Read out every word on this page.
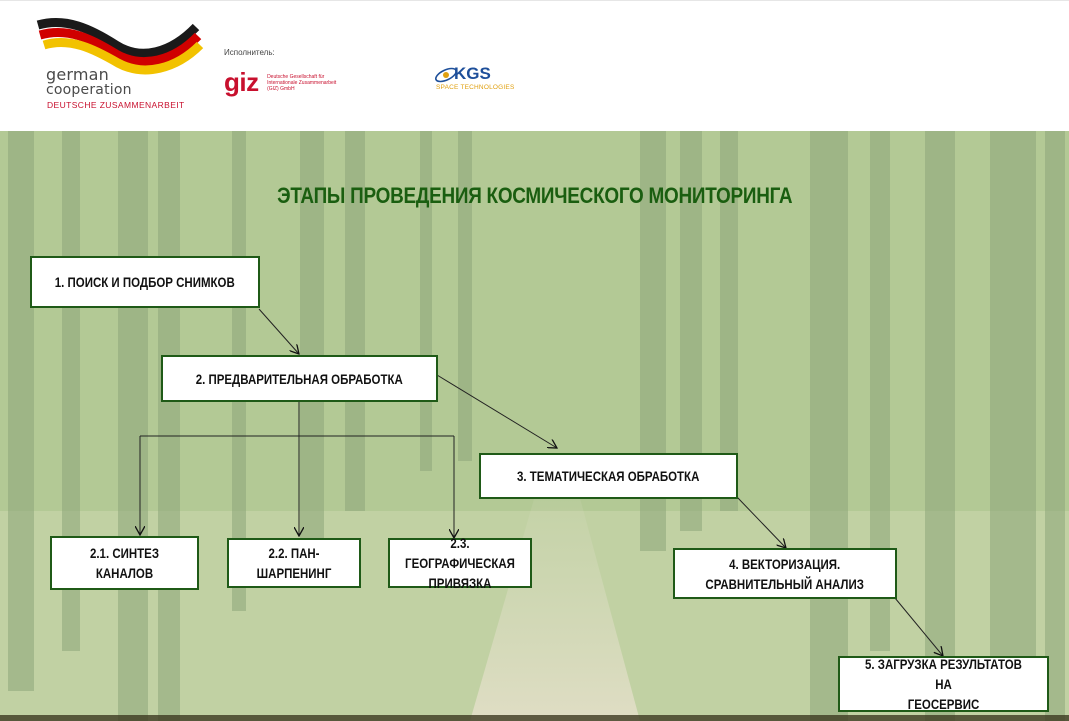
german
cooperation
DEUTSCHE ZUSAMMENARBEIT
Исполнитель:
giz Deutsche Gesellschaft für Internationale Zusammenarbeit (GIZ) GmbH
KGS
SPACE TECHNOLOGIES
ЭТАПЫ ПРОВЕДЕНИЯ КОСМИЧЕСКОГО МОНИТОРИНГА
1. ПОИСК И ПОДБОР СНИМКОВ
2. ПРЕДВАРИТЕЛЬНАЯ ОБРАБОТКА
2.1. СИНТЕЗ КАНАЛОВ
2.2. ПАН-ШАРПЕНИНГ
2.3. ГЕОГРАФИЧЕСКАЯ
ПРИВЯЗКА
3. ТЕМАТИЧЕСКАЯ ОБРАБОТКА
4. ВЕКТОРИЗАЦИЯ.
СРАВНИТЕЛЬНЫЙ АНАЛИЗ
5. ЗАГРУЗКА РЕЗУЛЬТАТОВ НА
ГЕОСЕРВИС
